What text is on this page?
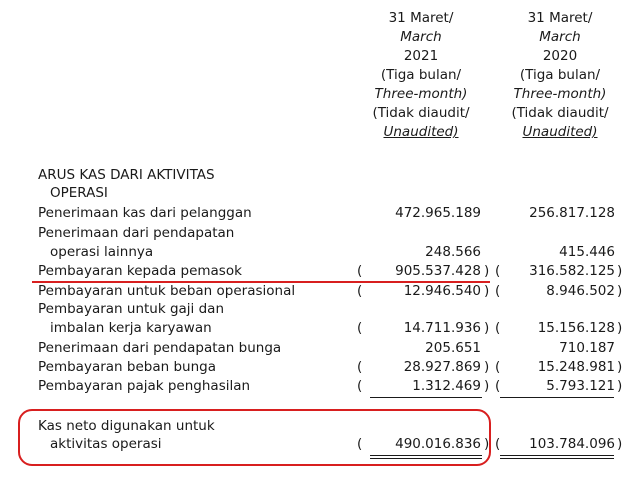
31 Maret/
March
2021
(Tiga bulan/
Three-month)
(Tidak diaudit/
Unaudited)
31 Maret/
March
2020
(Tiga bulan/
Three-month)
(Tidak diaudit/
Unaudited)
ARUS KAS DARI AKTIVITAS
OPERASI
Penerimaan kas dari pelanggan	472.965.189	256.817.128
Penerimaan dari pendapatan
operasi lainnya	248.566	415.446
Pembayaran kepada pemasok	( 905.537.428 ) ( 316.582.125 )
Pembayaran untuk beban operasional	(	12.946.540 ) (	8.946.502 )
Pembayaran untuk gaji dan
imbalan kerja karyawan	(	14.711.936 ) (	15.156.128 )
Penerimaan dari pendapatan bunga	205.651	710.187
Pembayaran beban bunga	(	28.927.869 ) (	15.248.981 )
Pembayaran pajak penghasilan	(	1.312.469 ) (	5.793.121 )
Kas neto digunakan untuk
aktivitas operasi	( 490.016.836 ) ( 103.784.096 )
